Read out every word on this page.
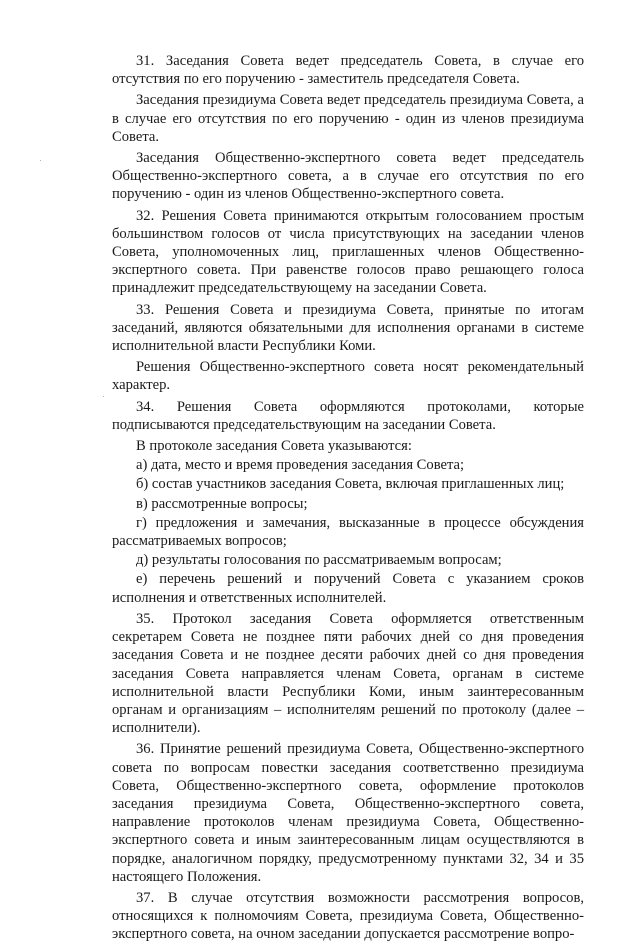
31. Заседания Совета ведет председатель Совета, в случае его отсутствия по его поручению - заместитель председателя Совета.

Заседания президиума Совета ведет председатель президиума Совета, а в случае его отсутствия по его поручению - один из членов президиума Совета.

Заседания Общественно-экспертного совета ведет председатель Общественно-экспертного совета, а в случае его отсутствия по его поручению - один из членов Общественно-экспертного совета.

32. Решения Совета принимаются открытым голосованием простым большинством голосов от числа присутствующих на заседании членов Совета, уполномоченных лиц, приглашенных членов Общественно-экспертного совета. При равенстве голосов право решающего голоса принадлежит председательствующему на заседании Совета.

33. Решения Совета и президиума Совета, принятые по итогам заседаний, являются обязательными для исполнения органами в системе исполнительной власти Республики Коми.

Решения Общественно-экспертного совета носят рекомендательный характер.

34. Решения Совета оформляются протоколами, которые подписываются председательствующим на заседании Совета.

В протоколе заседания Совета указываются:

а) дата, место и время проведения заседания Совета;

б) состав участников заседания Совета, включая приглашенных лиц;

в) рассмотренные вопросы;

г) предложения и замечания, высказанные в процессе обсуждения рассматриваемых вопросов;

д) результаты голосования по рассматриваемым вопросам;

е) перечень решений и поручений Совета с указанием сроков исполнения и ответственных исполнителей.

35. Протокол заседания Совета оформляется ответственным секретарем Совета не позднее пяти рабочих дней со дня проведения заседания Совета и не позднее десяти рабочих дней со дня проведения заседания Совета направляется членам Совета, органам в системе исполнительной власти Республики Коми, иным заинтересованным органам и организациям – исполнителям решений по протоколу (далее – исполнители).

36. Принятие решений президиума Совета, Общественно-экспертного совета по вопросам повестки заседания соответственно президиума Совета, Общественно-экспертного совета, оформление протоколов заседания президиума Совета, Общественно-экспертного совета, направление протоколов членам президиума Совета, Общественно-экспертного совета и иным заинтересованным лицам осуществляются в порядке, аналогичном порядку, предусмотренному пунктами 32, 34 и 35 настоящего Положения.

37. В случае отсутствия возможности рассмотрения вопросов, относящихся к полномочиям Совета, президиума Совета, Общественно-экспертного совета, на очном заседании допускается рассмотрение вопро-
